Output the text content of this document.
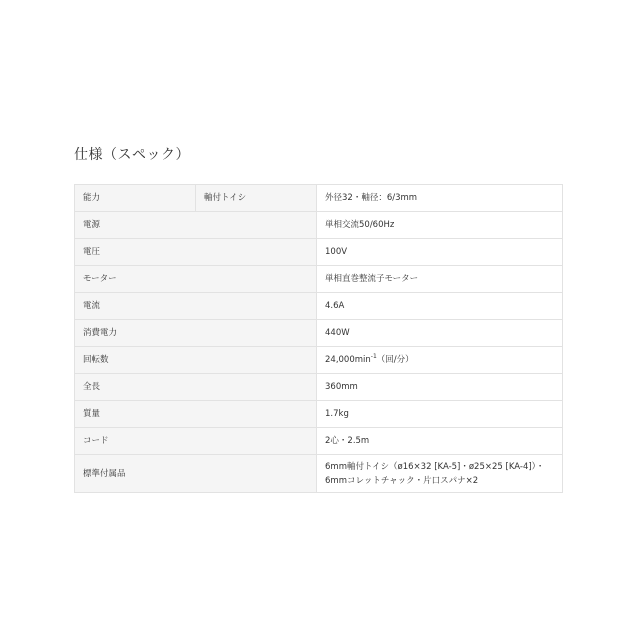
仕様（スペック）
能力	軸付トイシ	外径32・軸径：6/3mm
電源		単相交流50/60Hz
電圧		100V
モーター		単相直巻整流子モーター
電流		4.6A
消費電力		440W
回転数		$24,000\min^{-1}$（回/分）
全長		360mm
質量		1.7kg
コード		2心・2.5m
標準付属品		6mm軸付トイシ（ø16×32 [KA-5]・ø25×25 [KA-4]）・6mmコレットチャック・片口スパナ×2
